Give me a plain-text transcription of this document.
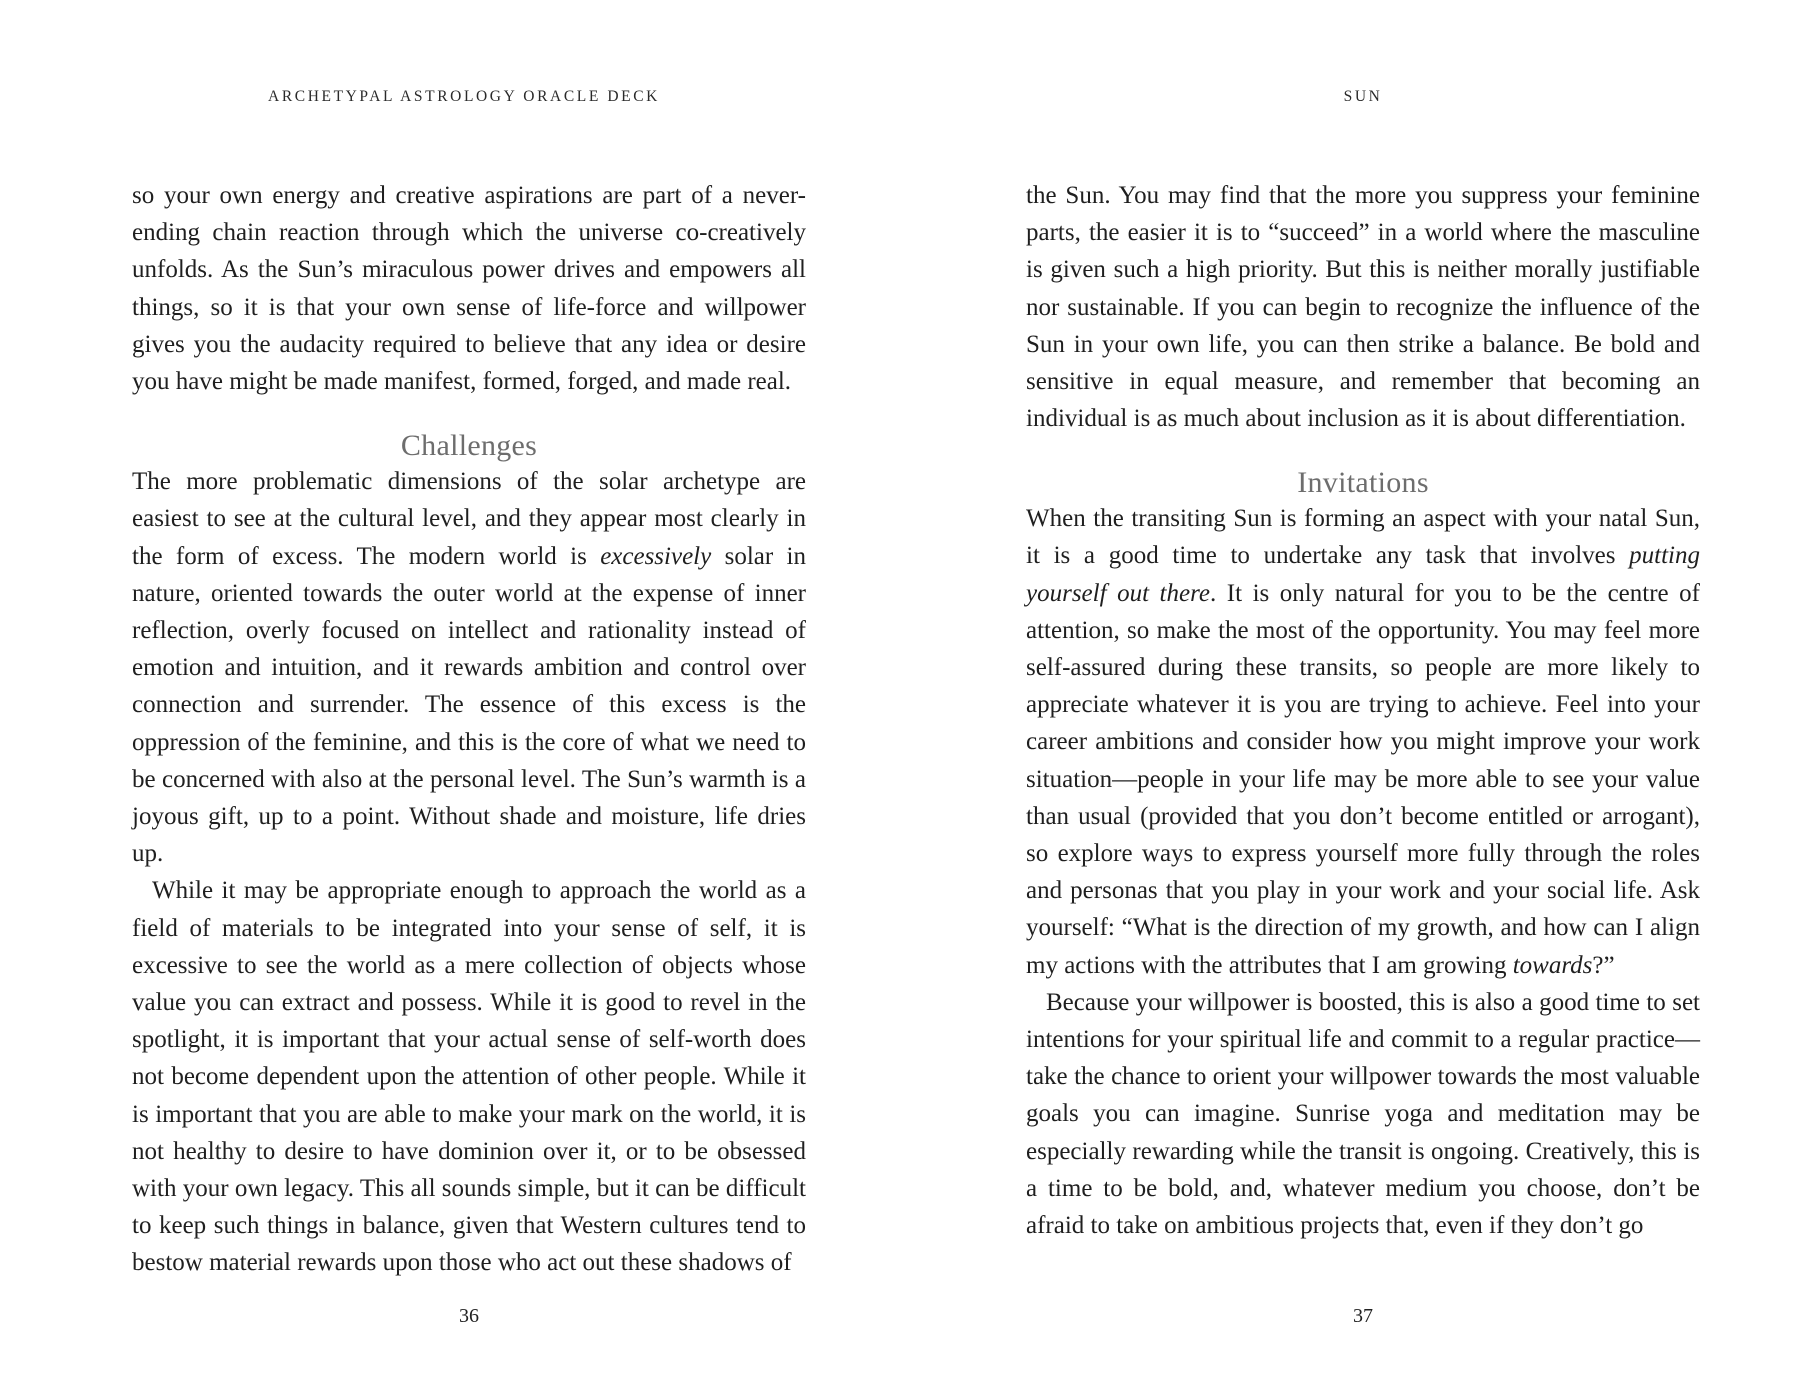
ARCHETYPAL ASTROLOGY ORACLE DECK

so your own energy and creative aspirations are part of a never-ending chain reaction through which the universe co-creatively unfolds. As the Sun’s miraculous power drives and empowers all things, so it is that your own sense of life-force and willpower gives you the audacity required to believe that any idea or desire you have might be made manifest, formed, forged, and made real.

Challenges

The more problematic dimensions of the solar archetype are easiest to see at the cultural level, and they appear most clearly in the form of excess. The modern world is excessively solar in nature, oriented towards the outer world at the expense of inner reflection, overly focused on intellect and rationality instead of emotion and intuition, and it rewards ambition and control over connection and surrender. The essence of this excess is the oppression of the feminine, and this is the core of what we need to be concerned with also at the personal level. The Sun’s warmth is a joyous gift, up to a point. Without shade and moisture, life dries up.

While it may be appropriate enough to approach the world as a field of materials to be integrated into your sense of self, it is excessive to see the world as a mere collection of objects whose value you can extract and possess. While it is good to revel in the spotlight, it is important that your actual sense of self-worth does not become dependent upon the attention of other people. While it is important that you are able to make your mark on the world, it is not healthy to desire to have dominion over it, or to be obsessed with your own legacy. This all sounds simple, but it can be difficult to keep such things in balance, given that Western cultures tend to bestow material rewards upon those who act out these shadows of

36
SUN

the Sun. You may find that the more you suppress your feminine parts, the easier it is to “succeed” in a world where the masculine is given such a high priority. But this is neither morally justifiable nor sustainable. If you can begin to recognize the influence of the Sun in your own life, you can then strike a balance. Be bold and sensitive in equal measure, and remember that becoming an individual is as much about inclusion as it is about differentiation.

Invitations

When the transiting Sun is forming an aspect with your natal Sun, it is a good time to undertake any task that involves putting yourself out there. It is only natural for you to be the centre of attention, so make the most of the opportunity. You may feel more self-assured during these transits, so people are more likely to appreciate whatever it is you are trying to achieve. Feel into your career ambitions and consider how you might improve your work situation—people in your life may be more able to see your value than usual (provided that you don’t become entitled or arrogant), so explore ways to express yourself more fully through the roles and personas that you play in your work and your social life. Ask yourself: “What is the direction of my growth, and how can I align my actions with the attributes that I am growing towards?”

Because your willpower is boosted, this is also a good time to set intentions for your spiritual life and commit to a regular practice—take the chance to orient your willpower towards the most valuable goals you can imagine. Sunrise yoga and meditation may be especially rewarding while the transit is ongoing. Creatively, this is a time to be bold, and, whatever medium you choose, don’t be afraid to take on ambitious projects that, even if they don’t go

37
